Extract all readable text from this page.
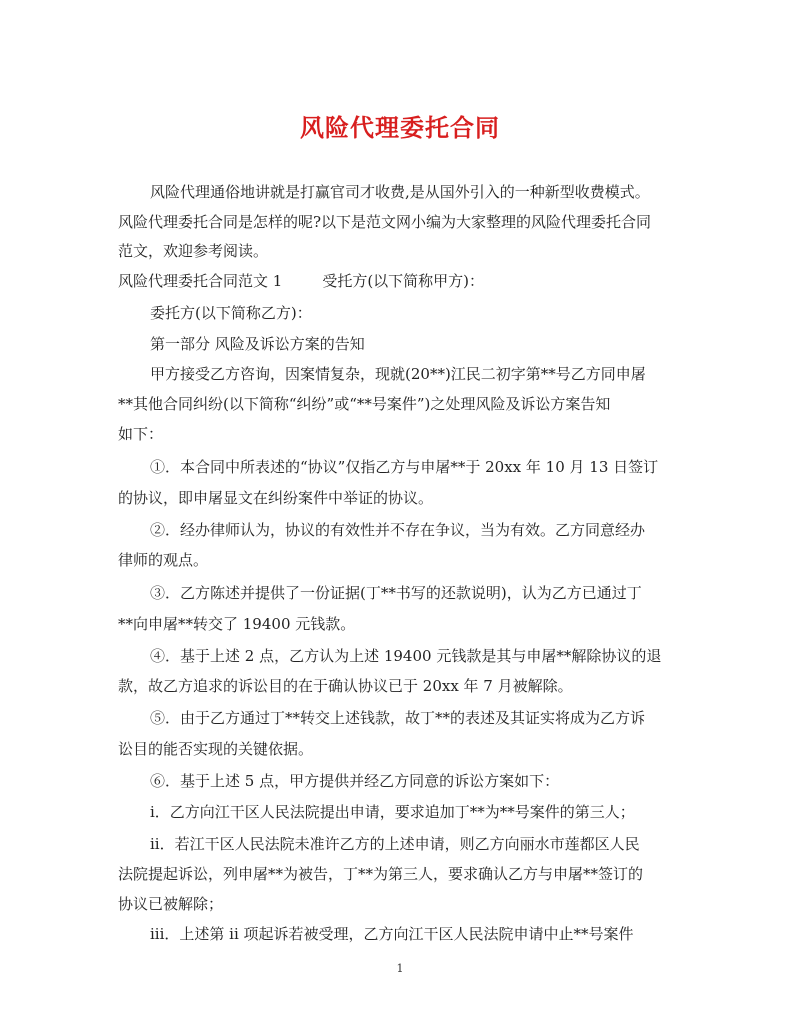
风险代理委托合同
风险代理通俗地讲就是打赢官司才收费,是从国外引入的一种新型收费模式。
风险代理委托合同是怎样的呢?以下是范文网小编为大家整理的风险代理委托合同
范文，欢迎参考阅读。
风险代理委托合同范文 1	受托方(以下简称甲方)：
委托方(以下简称乙方)：
第一部分 风险及诉讼方案的告知
甲方接受乙方咨询，因案情复杂，现就(20**)江民二初字第**号乙方同申屠
**其他合同纠纷(以下简称“纠纷”或“**号案件”)之处理风险及诉讼方案告知
如下：
①．本合同中所表述的“协议”仅指乙方与申屠**于 20xx 年 10 月 13 日签订
的协议，即申屠显文在纠纷案件中举证的协议。
②．经办律师认为，协议的有效性并不存在争议，当为有效。乙方同意经办
律师的观点。
③．乙方陈述并提供了一份证据(丁**书写的还款说明)，认为乙方已通过丁
**向申屠**转交了 19400 元钱款。
④．基于上述 2 点，乙方认为上述 19400 元钱款是其与申屠**解除协议的退
款，故乙方追求的诉讼目的在于确认协议已于 20xx 年 7 月被解除。
⑤．由于乙方通过丁**转交上述钱款，故丁**的表述及其证实将成为乙方诉
讼目的能否实现的关键依据。
⑥．基于上述 5 点，甲方提供并经乙方同意的诉讼方案如下：
i．乙方向江干区人民法院提出申请，要求追加丁**为**号案件的第三人；
ii．若江干区人民法院未准许乙方的上述申请，则乙方向丽水市莲都区人民
法院提起诉讼，列申屠**为被告，丁**为第三人，要求确认乙方与申屠**签订的
协议已被解除；
iii．上述第 ii 项起诉若被受理，乙方向江干区人民法院申请中止**号案件
1
